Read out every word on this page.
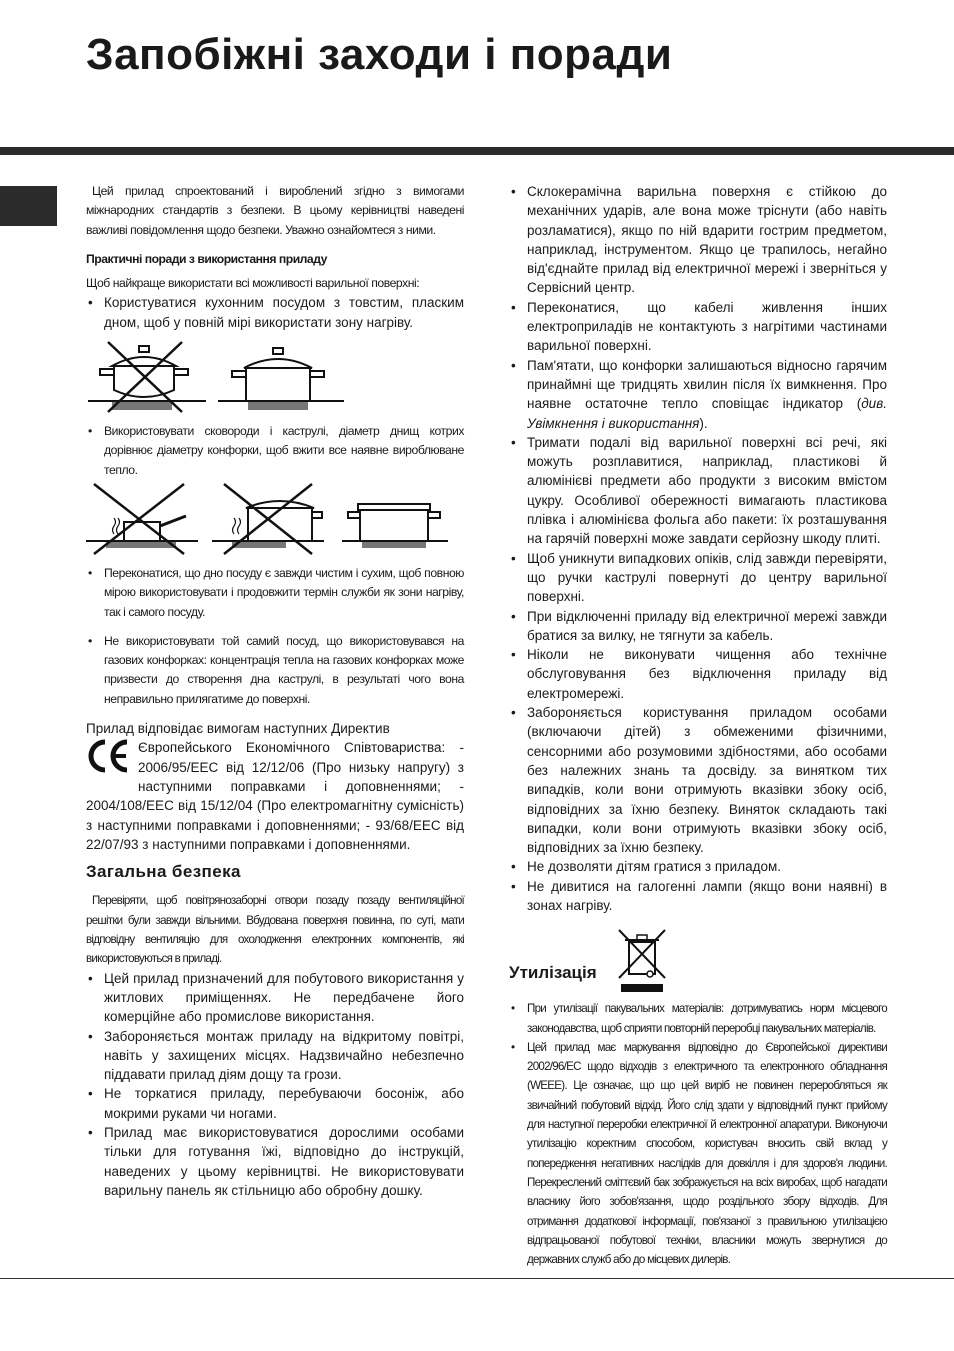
Запобіжні заходи і поради

Цей прилад спроектований і вироблений згідно з вимогами міжнародних стандартів з безпеки. В цьому керівництві наведені важливі повідомлення щодо безпеки. Уважно ознайомтеся з ними.

Практичні поради з використання приладу

Щоб найкраще використати всі можливості варильної поверхні:

• Користуватися кухонним посудом з товстим, пласким дном, щоб у повній мірі використати зону нагріву.
• Використовувати сковороди і каструлі, діаметр днищ котрих дорівнює діаметру конфорки, щоб вжити все наявне вироблюване тепло.
• Переконатися, що дно посуду є завжди чистим і сухим, щоб повною мірою використовувати і продовжити термін служби як зони нагріву, так і самого посуду.
• Не використовувати той самий посуд, що використовувався на газових конфорках: концентрація тепла на газових конфорках може призвести до створення дна каструлі, в результаті чого вона неправильно прилягатиме до поверхні.

Прилад відповідає вимогам наступних Директив

Європейського Економічного Співтовариства: - 2006/95/EEC від 12/12/06 (Про низьку напругу) з наступними поправками і доповненнями; - 2004/108/EEC від 15/12/04 (Про електромагнітну сумісність) з наступними поправками і доповненнями; - 93/68/EEC від 22/07/93 з наступними поправками і доповненнями.

Загальна безпека

Перевіряти, щоб повітрянозаборні отвори позаду позаду вентиляційної решітки були завжди вільними. Вбудована поверхня повинна, по суті, мати відповідну вентиляцію для охолодження електронних компонентів, які використовуються в приладі.

• Цей прилад призначений для побутового використання у житлових приміщеннях. Не передбачене його комерційне або промислове використання.
• Забороняється монтаж приладу на відкритому повітрі, навіть у захищених місцях. Надзвичайно небезпечно піддавати прилад діям дощу та грози.
• Не торкатися приладу, перебуваючи босоніж, або мокрими руками чи ногами.
• Прилад має використовуватися дорослими особами тільки для готування їжі, відповідно до інструкцій, наведених у цьому керівництві. Не використовувати варильну панель як стільницю або обробну дошку.
• Склокерамічна варильна поверхня є стійкою до механічних ударів, але вона може тріснути (або навіть розламатися), якщо по ній вдарити гострим предметом, наприклад, інструментом. Якщо це трапилось, негайно від'єднайте прилад від електричної мережі і зверніться у Сервісний центр.
• Переконатися, що кабелі живлення інших електроприладів не контактують з нагрітими частинами варильної поверхні.
• Пам'ятати, що конфорки залишаються відносно гарячим принаймні ще тридцять хвилин після їх вимкнення. Про наявне остаточне тепло сповіщає індикатор (див. Увімкнення і використання).
• Тримати подалі від варильної поверхні всі речі, які можуть розплавитися, наприклад, пластикові й алюмінієві предмети або продукти з високим вмістом цукру. Особливої обережності вимагають пластикова плівка і алюмінієва фольга або пакети: їх розташування на гарячій поверхні може завдати серйозну шкоду плиті.
• Щоб уникнути випадкових опіків, слід завжди перевіряти, що ручки каструлі повернуті до центру варильної поверхні.
• При відключенні приладу від електричної мережі завжди братися за вилку, не тягнути за кабель.
• Ніколи не виконувати чищення або технічне обслуговування без відключення приладу від електромережі.
• Забороняється користування приладом особами (включаючи дітей) з обмеженими фізичними, сенсорними або розумовими здібностями, або особами без належних знань та досвіду. за винятком тих випадків, коли вони отримують вказівки збоку осіб, відповідних за їхню безпеку. Виняток складають такі випадки, коли вони отримують вказівки збоку осіб, відповідних за їхню безпеку.
• Не дозволяти дітям гратися з приладом.
• Не дивитися на галогенні лампи (якщо вони наявні) в зонах нагріву.
Утилізація
• При утилізації пакувальних матеріалів: дотримуватись норм місцевого законодавства, щоб сприяти повторній переробці пакувальних матеріалів.
• Цей прилад має маркування відповідно до Європейської директиви 2002/96/EC щодо відходів з електричного та електронного обладнання (WEEE). Це означає, що що цей виріб не повинен переробляться як звичайний побутовий відхід. Його слід здати у відповідний пункт прийому для наступної переробки електричної й електронної апаратури. Виконуючи утилізацію коректним способом, користувач вносить свій вклад у попередження негативних наслідків для довкілля і для здоров'я людини. Перекреслений сміттєвий бак зображується на всіх виробах, щоб нагадати власнику його зобов'язання, щодо роздільного збору відходів. Для отримання додаткової інформації, пов'язаної з правильною утилізацією відпрацьованої побутової техніки, власники можуть звернутися до державних служб або до місцевих дилерів.
